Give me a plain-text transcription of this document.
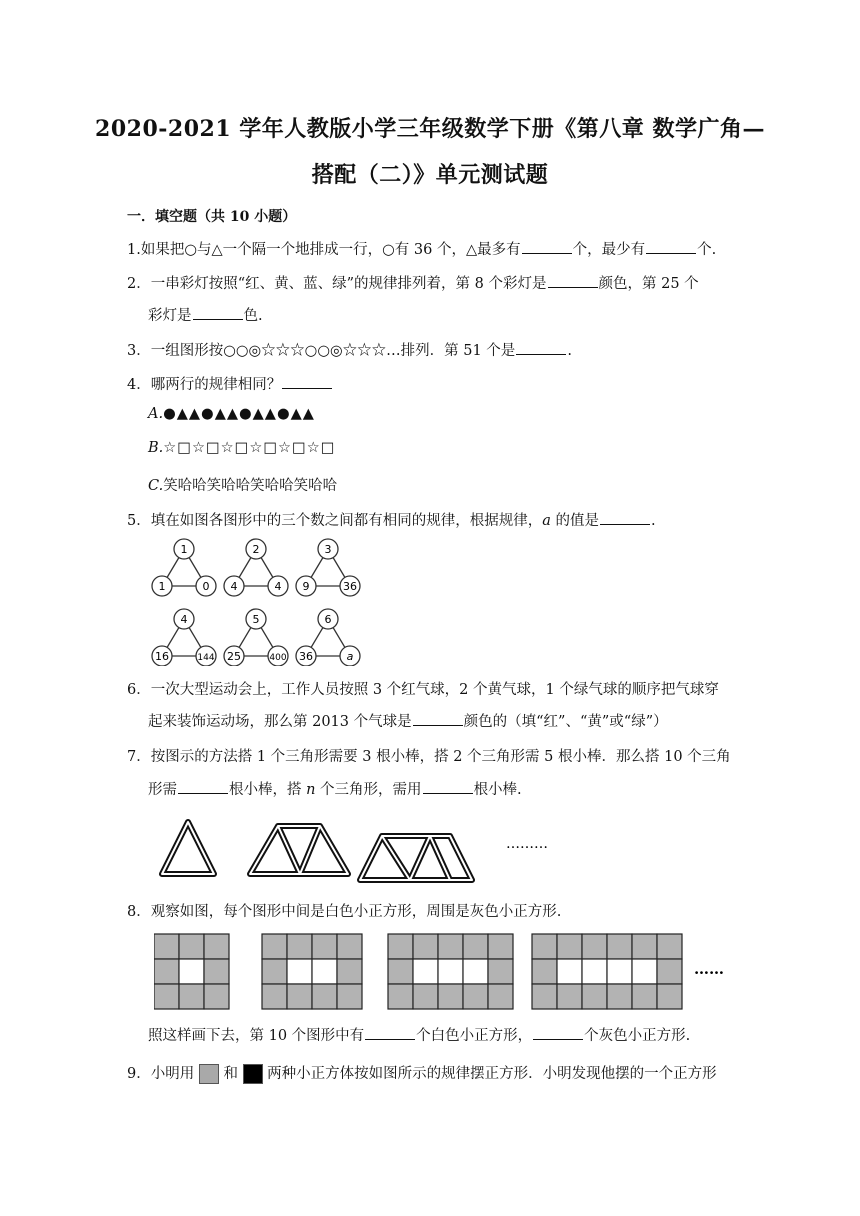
2020-2021 学年人教版小学三年级数学下册《第八章 数学广角—
搭配（二）》单元测试题
一．填空题（共 10 小题）
1.如果把○与△一个隔一个地排成一行，○有 36 个，△最多有	个，最少有	个.
2．一串彩灯按照“红、黄、蓝、绿”的规律排列着，第 8 个彩灯是	颜色，第 25 个
彩灯是	色.
3．一组图形按○○◎☆☆☆○○◎☆☆☆…排列．第 51 个是	.
4．哪两行的规律相同？
A.●▲▲●▲▲●▲▲●▲▲
B.☆□☆□☆□☆□☆□☆□
C.笑哈哈笑哈哈笑哈哈笑哈哈
5．填在如图各图形中的三个数之间都有相同的规律，根据规律，a 的值是	.
1
1	0
2
4	4
3
9	36
4
16	144
5
25	400
6
36	a
6．一次大型运动会上，工作人员按照 3 个红气球，2 个黄气球，1 个绿气球的顺序把气球穿
起来装饰运动场，那么第 2013 个气球是	颜色的（填“红”、“黄”或“绿”）
7．按图示的方法搭 1 个三角形需要 3 根小棒，搭 2 个三角形需 5 根小棒．那么搭 10 个三角
形需	根小棒，搭 n 个三角形，需用	根小棒.
………
8．观察如图，每个图形中间是白色小正方形，周围是灰色小正方形.
……
照这样画下去，第 10 个图形中有	个白色小正方形，	个灰色小正方形.
9．小明用 和 两种小正方体按如图所示的规律摆正方形．小明发现他摆的一个正方形
